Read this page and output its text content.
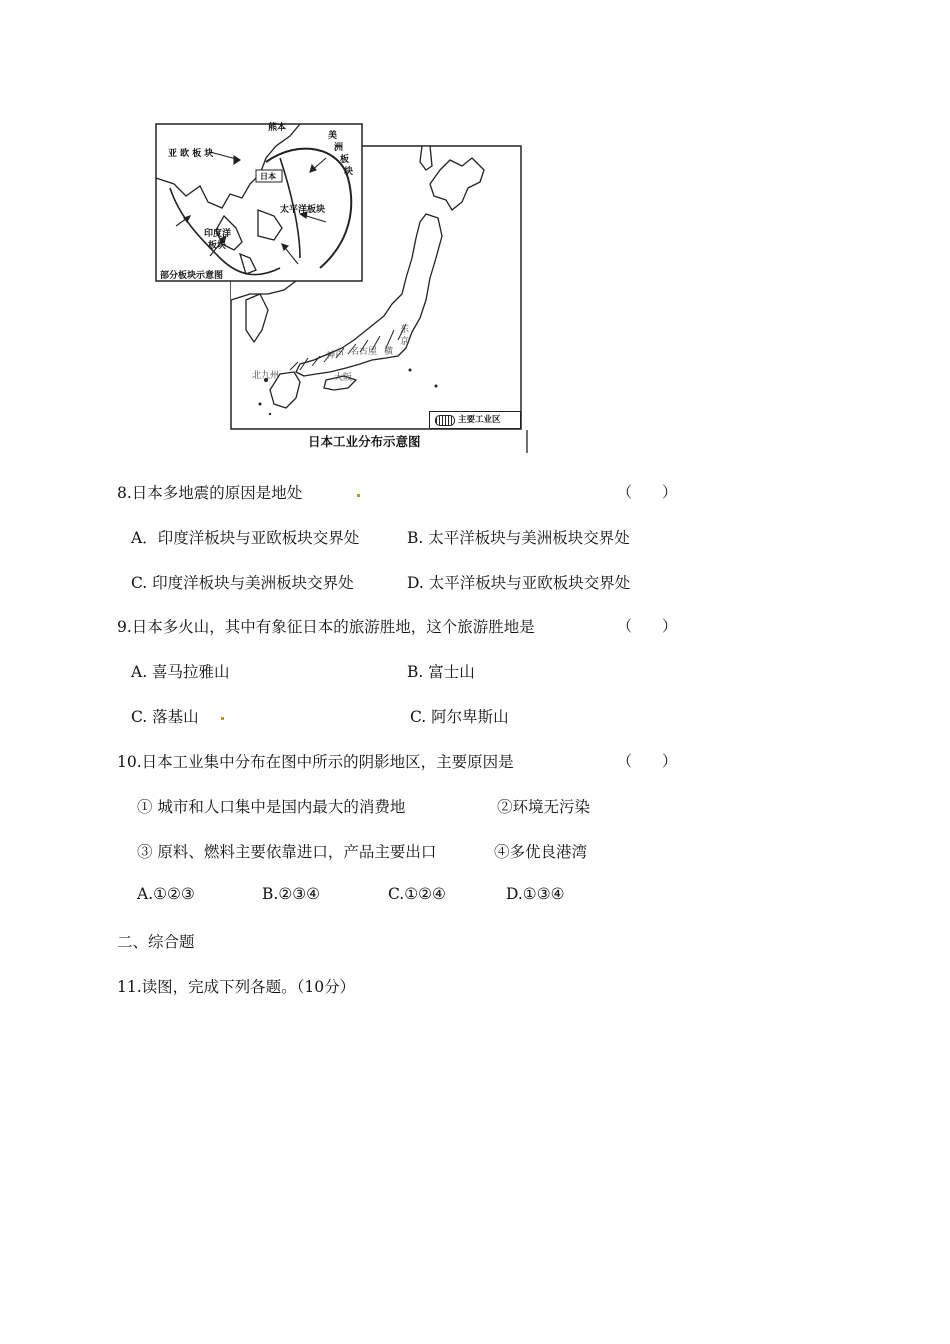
熊本
美
洲
板
块
亚 欧 板 块
日本
太平洋板块
印度洋
板块
部分板块示意图
东
京
横
名古屋
神户
大阪
北九州
主要工业区
日本工业分布示意图
8.日本多地震的原因是地处	（　　）
A．印度洋板块与亚欧板块交界处	B. 太平洋板块与美洲板块交界处
C. 印度洋板块与美洲板块交界处	D. 太平洋板块与亚欧板块交界处
9.日本多火山，其中有象征日本的旅游胜地，这个旅游胜地是	（　　）
A. 喜马拉雅山	B. 富士山
C. 落基山	C. 阿尔卑斯山
10.日本工业集中分布在图中所示的阴影地区，主要原因是	（　　）
① 城市和人口集中是国内最大的消费地	②环境无污染
③ 原料、燃料主要依靠进口，产品主要出口	④多优良港湾
A.①②③	B.②③④	C.①②④	D.①③④
二、综合题
11.读图，完成下列各题。（10分）
